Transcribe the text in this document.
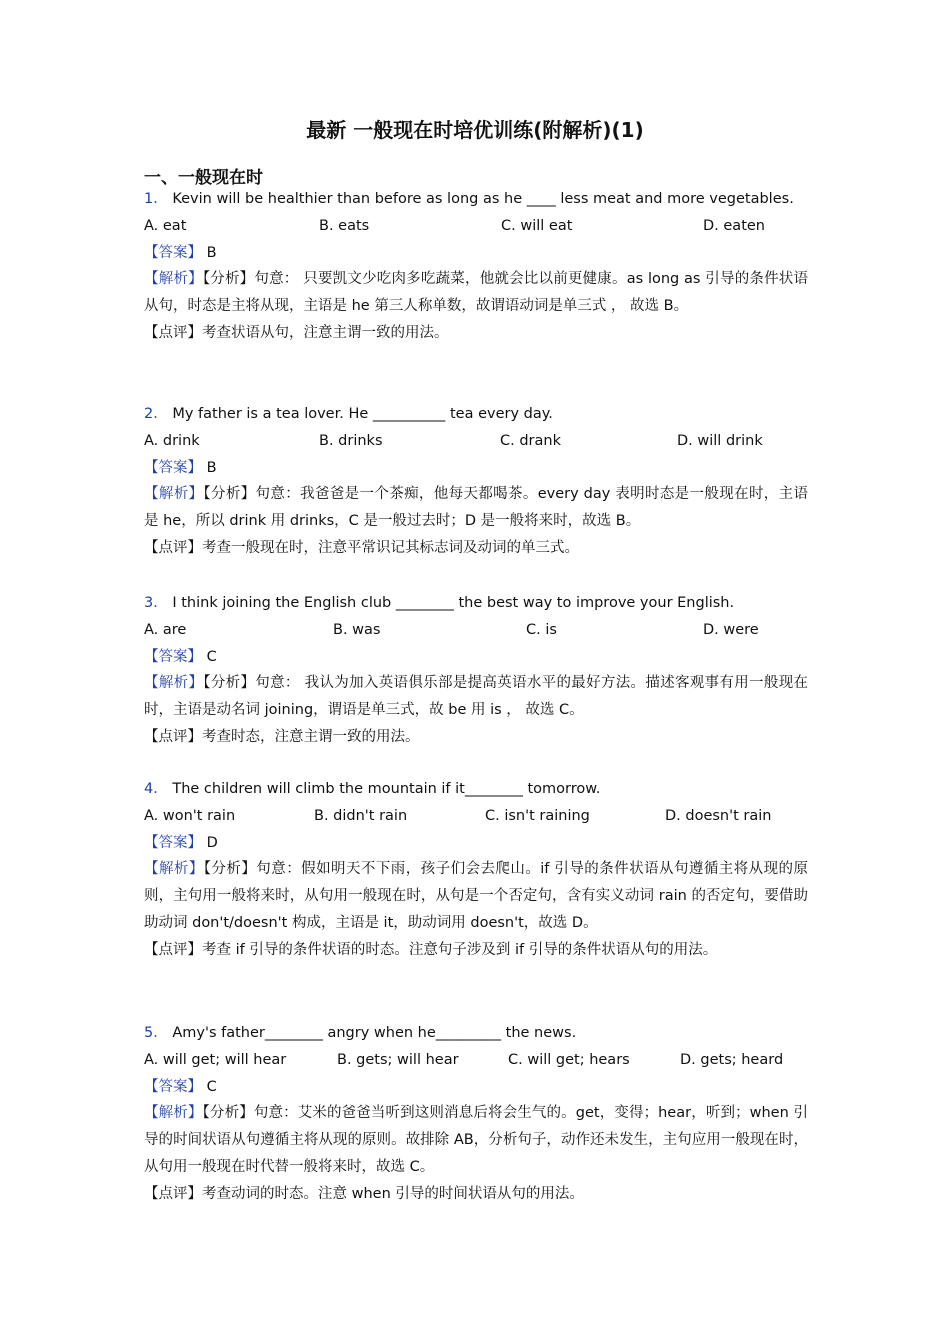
最新 一般现在时培优训练(附解析)(1)
一、一般现在时
1． Kevin will be healthier than before as long as he ____ less meat and more vegetables.
A. eat	B. eats	C. will eat	D. eaten
【答案】 B
【解析】【分析】句意： 只要凯文少吃肉多吃蔬菜，他就会比以前更健康。as long as 引导的条件状语从句，时态是主将从现，主语是 he 第三人称单数，故谓语动词是单三式 ， 故选 B。
【点评】考查状语从句，注意主谓一致的用法。
2． My father is a tea lover. He __________ tea every day.
A. drink	B. drinks	C. drank	D. will drink
【答案】 B
【解析】【分析】句意：我爸爸是一个茶痴，他每天都喝茶。every day 表明时态是一般现在时，主语是 he，所以 drink 用 drinks，C 是一般过去时；D 是一般将来时，故选 B。
【点评】考查一般现在时，注意平常识记其标志词及动词的单三式。
3． I think joining the English club ________ the best way to improve your English.
A. are	B. was	C. is	D. were
【答案】 C
【解析】【分析】句意： 我认为加入英语俱乐部是提高英语水平的最好方法。描述客观事有用一般现在时，主语是动名词 joining，谓语是单三式，故 be 用 is ， 故选 C。
【点评】考查时态，注意主谓一致的用法。
4． The children will climb the mountain if it________ tomorrow.
A. won't rain	B. didn't rain	C. isn't raining	D. doesn't rain
【答案】 D
【解析】【分析】句意：假如明天不下雨，孩子们会去爬山。if 引导的条件状语从句遵循主将从现的原则，主句用一般将来时，从句用一般现在时，从句是一个否定句，含有实义动词 rain 的否定句，要借助助动词 don't/doesn't 构成，主语是 it，助动词用 doesn't，故选 D。
【点评】考查 if 引导的条件状语的时态。注意句子涉及到 if 引导的条件状语从句的用法。
5． Amy's father________ angry when he_________ the news.
A. will get; will hear	B. gets; will hear	C. will get; hears	D. gets; heard
【答案】 C
【解析】【分析】句意：艾米的爸爸当听到这则消息后将会生气的。get，变得；hear，听到；when 引导的时间状语从句遵循主将从现的原则。故排除 AB，分析句子，动作还未发生，主句应用一般现在时，从句用一般现在时代替一般将来时，故选 C。
【点评】考查动词的时态。注意 when 引导的时间状语从句的用法。
